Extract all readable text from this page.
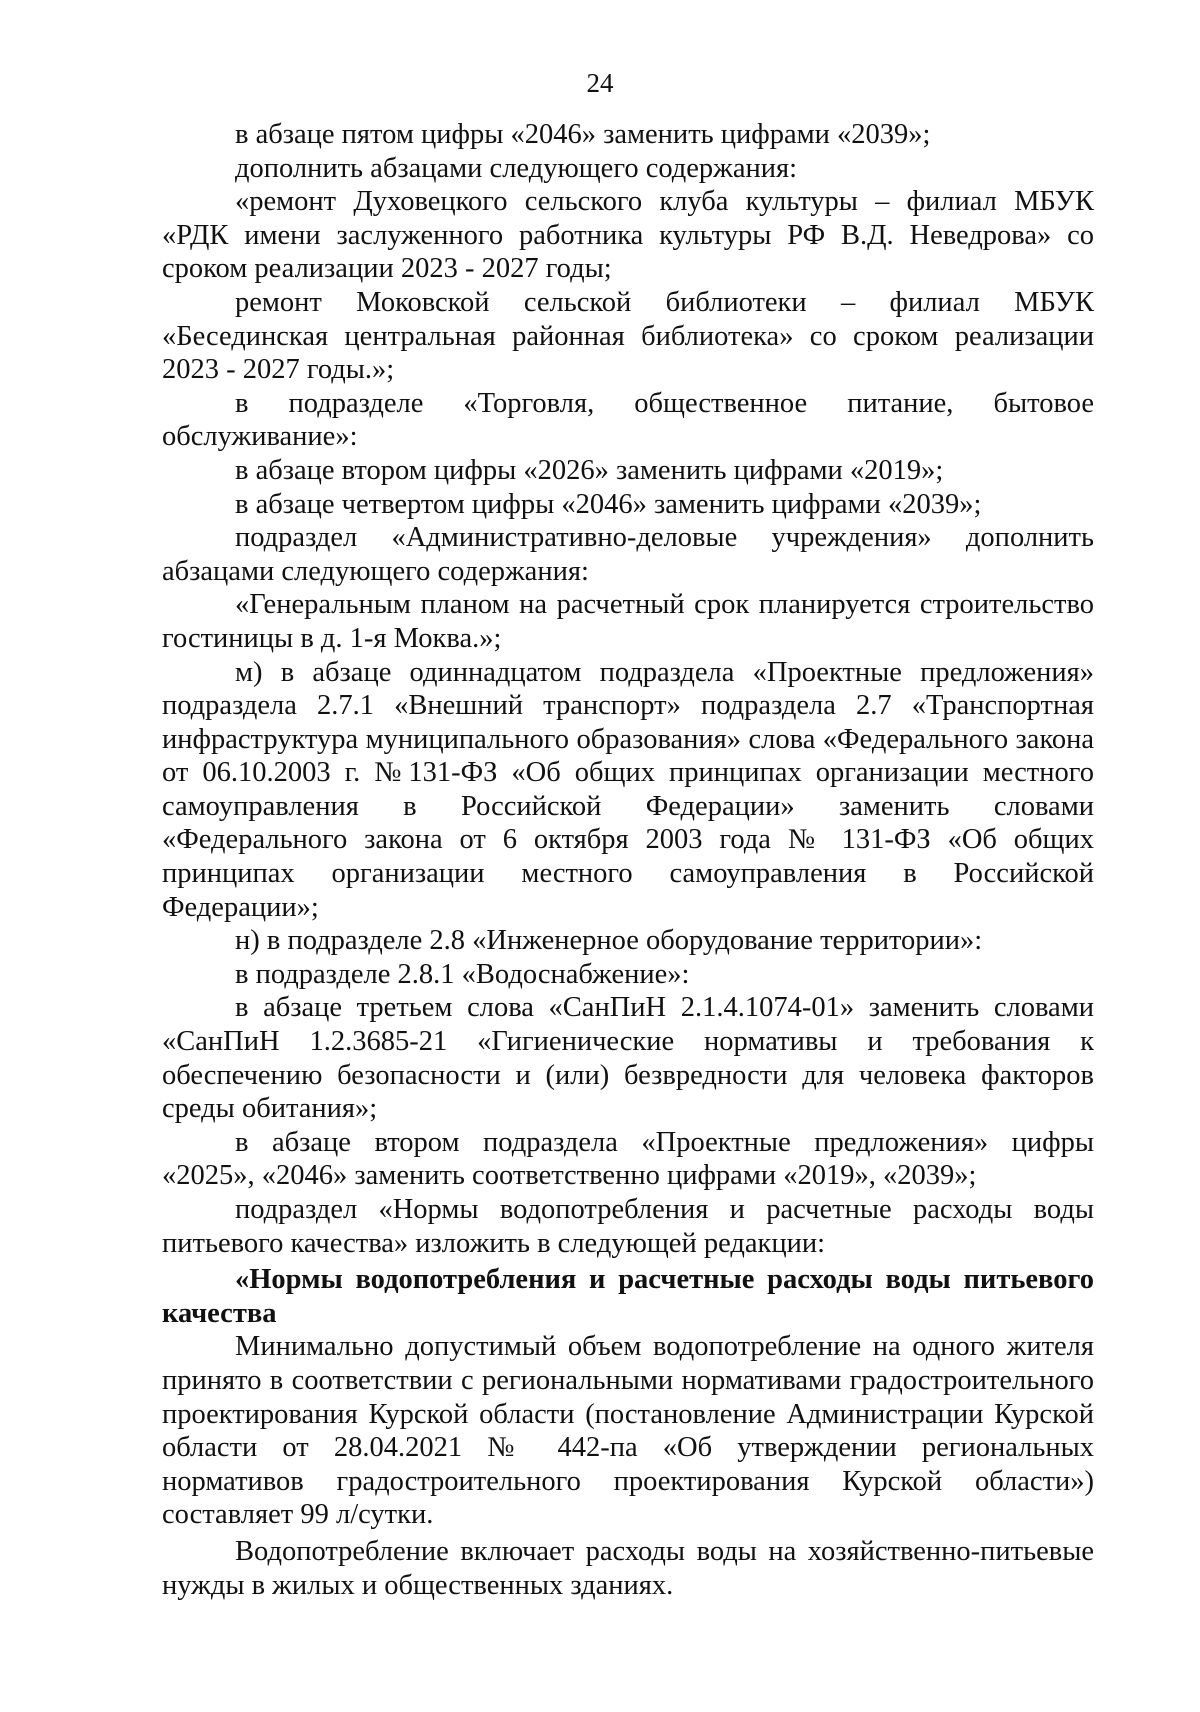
24

в абзаце пятом цифры «2046» заменить цифрами «2039»;

дополнить абзацами следующего содержания:

«ремонт Духовецкого сельского клуба культуры – филиал МБУК «РДК имени заслуженного работника культуры РФ В.Д. Неведрова» со сроком реализации 2023 - 2027 годы;

ремонт Моковской сельской библиотеки – филиал МБУК «Бесединская центральная районная библиотека» со сроком реализации 2023 - 2027 годы.»;

в подразделе «Торговля, общественное питание, бытовое обслуживание»:

в абзаце втором цифры «2026» заменить цифрами «2019»;

в абзаце четвертом цифры «2046» заменить цифрами «2039»;

подраздел «Административно-деловые учреждения» дополнить абзацами следующего содержания:

«Генеральным планом на расчетный срок планируется строительство гостиницы в д. 1-я Моква.»;

м) в абзаце одиннадцатом подраздела «Проектные предложения» подраздела 2.7.1 «Внешний транспорт» подраздела 2.7 «Транспортная инфраструктура муниципального образования» слова «Федерального закона от 06.10.2003 г. №131-ФЗ «Об общих принципах организации местного самоуправления в Российской Федерации» заменить словами «Федерального закона от 6 октября 2003 года № 131-ФЗ «Об общих принципах организации местного самоуправления в Российской Федерации»;

н) в подразделе 2.8 «Инженерное оборудование территории»:

в подразделе 2.8.1 «Водоснабжение»:

в абзаце третьем слова «СанПиН 2.1.4.1074-01» заменить словами «СанПиН 1.2.3685-21 «Гигиенические нормативы и требования к обеспечению безопасности и (или) безвредности для человека факторов среды обитания»;

в абзаце втором подраздела «Проектные предложения» цифры «2025», «2046» заменить соответственно цифрами «2019», «2039»;

подраздел «Нормы водопотребления и расчетные расходы воды питьевого качества» изложить в следующей редакции:

«Нормы водопотребления и расчетные расходы воды питьевого качества

Минимально допустимый объем водопотребление на одного жителя принято в соответствии с региональными нормативами градостроительного проектирования Курской области (постановление Администрации Курской области от 28.04.2021 № 442-па «Об утверждении региональных нормативов градостроительного проектирования Курской области») составляет 99 л/сутки.

Водопотребление включает расходы воды на хозяйственно-питьевые нужды в жилых и общественных зданиях.
